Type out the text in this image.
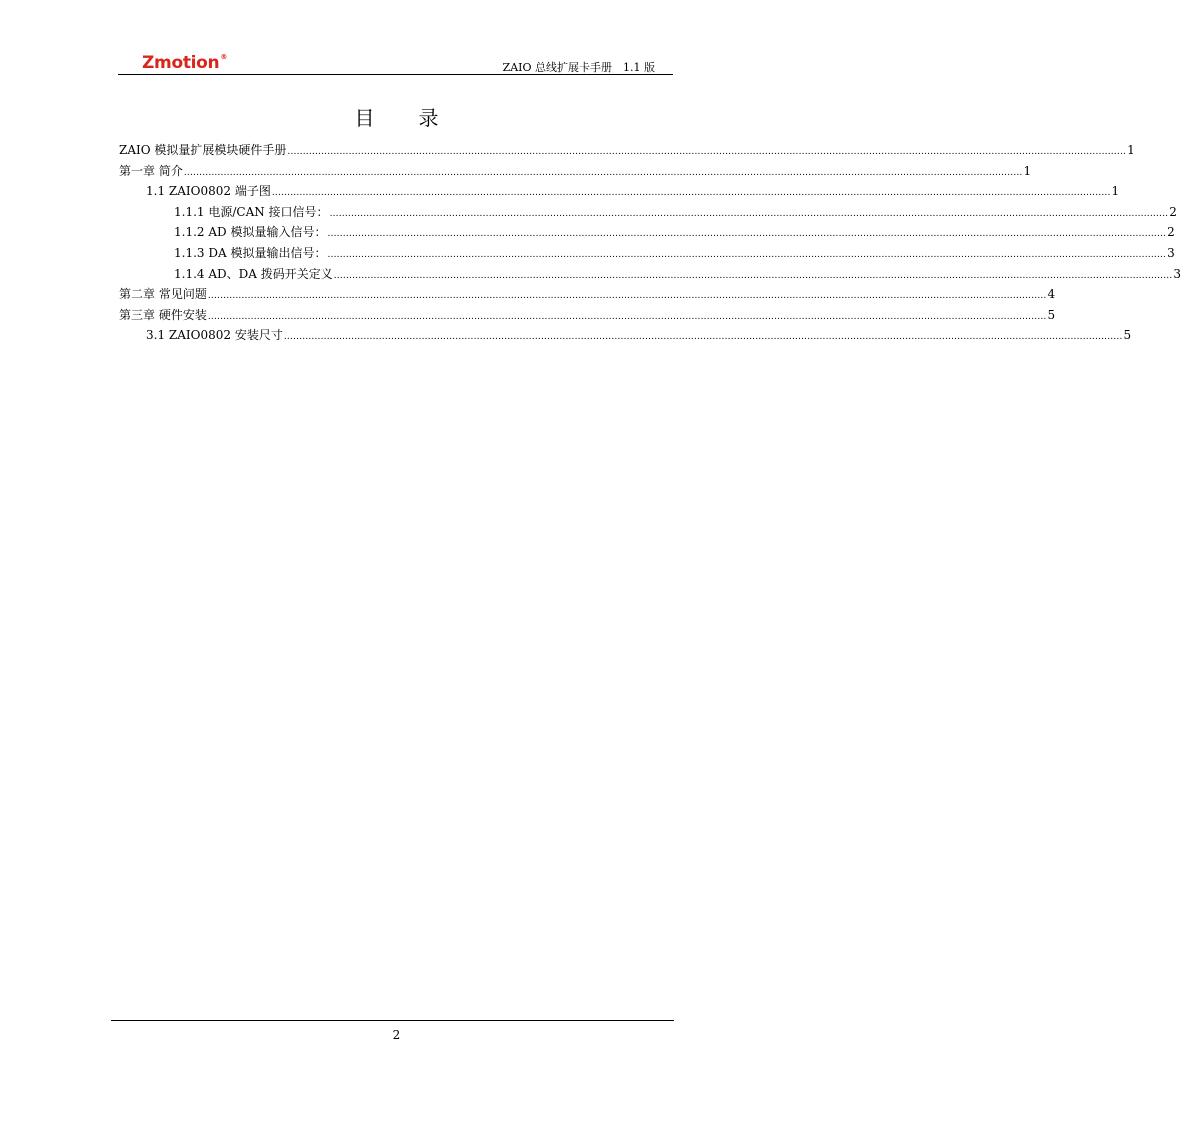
Zmotion®
ZAIO 总线扩展卡手册　1.1 版
目录
ZAIO 模拟量扩展模块硬件手册 .................................................................................................................................................................................................................................................................................. 1
第一章 简介 .................................................................................................................................................................................................................................................................................. 1
1.1 ZAIO0802 端子图 .................................................................................................................................................................................................................................................................................. 1
1.1.1 电源/CAN 接口信号： .................................................................................................................................................................................................................................................................................. 2
1.1.2 AD 模拟量输入信号： .................................................................................................................................................................................................................................................................................. 2
1.1.3 DA 模拟量输出信号： .................................................................................................................................................................................................................................................................................. 3
1.1.4 AD、DA 拨码开关定义 .................................................................................................................................................................................................................................................................................. 3
第二章 常见问题 .................................................................................................................................................................................................................................................................................. 4
第三章 硬件安装 .................................................................................................................................................................................................................................................................................. 5
3.1 ZAIO0802 安装尺寸 .................................................................................................................................................................................................................................................................................. 5
2
